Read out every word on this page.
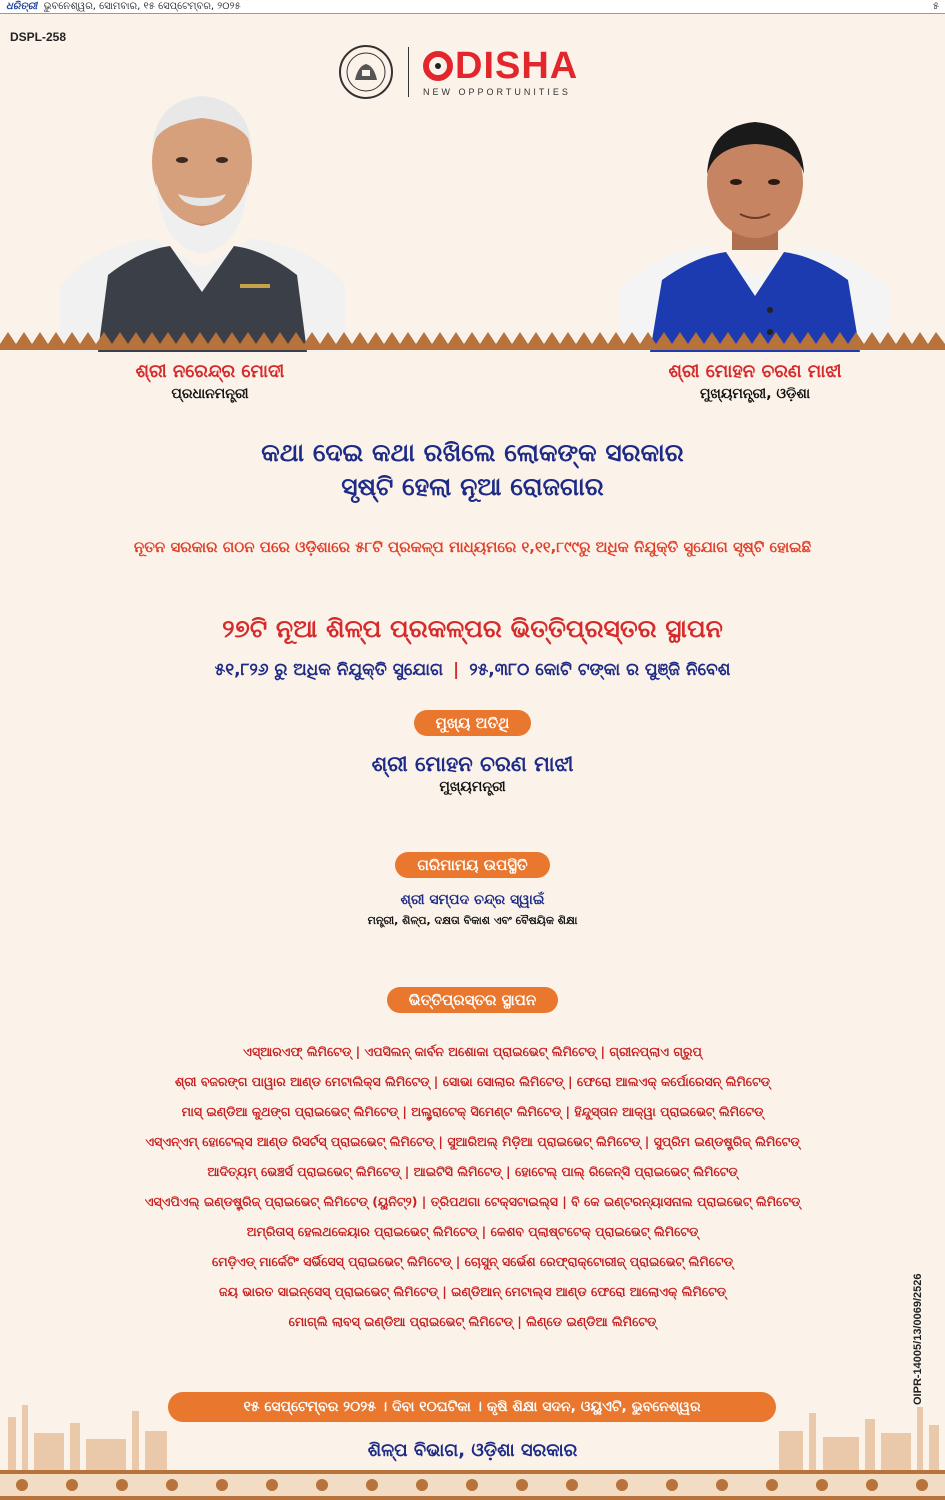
ଧରିତ୍ରୀ ଭୁବନେଶ୍ୱର, ସୋମବାର, ୧୫ ସେପ୍ଟେମ୍ବର, ୨୦୨୫	୫
DSPL-258
DISHA
NEW OPPORTUNITIES
ଶ୍ରୀ ନରେନ୍ଦ୍ର ମୋଦୀ
ପ୍ରଧାନମନ୍ତ୍ରୀ
ଶ୍ରୀ ମୋହନ ଚରଣ ମାଝୀ
ମୁଖ୍ୟମନ୍ତ୍ରୀ, ଓଡ଼ିଶା
କଥା ଦେଇ କଥା ରଖିଲେ ଲୋକଙ୍କ ସରକାର
ସୃଷ୍ଟି ହେଲା ନୂଆ ରୋଜଗାର
ନୂତନ ସରକାର ଗଠନ ପରେ ଓଡ଼ିଶାରେ ୫୮ଟି ପ୍ରକଳ୍ପ ମାଧ୍ୟମରେ ୧,୧୧,୮୯୯ରୁ ଅଧିକ ନିଯୁକ୍ତି ସୁଯୋଗ ସୃଷ୍ଟି ହୋଇଛି
୨୭ଟି ନୂଆ ଶିଳ୍ପ ପ୍ରକଳ୍ପର ଭିତ୍ତିପ୍ରସ୍ତର ସ୍ଥାପନ
୫୧,୮୨୬ ରୁ ଅଧିକ ନିଯୁକ୍ତି ସୁଯୋଗ | ୨୫,୩୮୦ କୋଟି ଟଙ୍କା ର ପୁଞ୍ଜି ନିବେଶ
ମୁଖ୍ୟ ଅତିଥି
ଶ୍ରୀ ମୋହନ ଚରଣ ମାଝୀ
ମୁଖ୍ୟମନ୍ତ୍ରୀ
ଗରିମାମୟ ଉପସ୍ଥିତି
ଶ୍ରୀ ସମ୍ପଦ ଚନ୍ଦ୍ର ସ୍ୱାଇଁ
ମନ୍ତ୍ରୀ, ଶିଳ୍ପ, ଦକ୍ଷତା ବିକାଶ ଏବଂ ବୈଷୟିକ ଶିକ୍ଷା
ଭିତ୍ତିପ୍ରସ୍ତର ସ୍ଥାପନ
ଏସ୍ଆରଏଫ୍ ଲିମିଟେଡ୍ | ଏପସିଲନ୍ କାର୍ବନ ଅଶୋକା ପ୍ରାଇଭେଟ୍ ଲିମିଟେଡ୍ | ଗ୍ରୀନପ୍ଲାଏ ଗ୍ରୁପ୍
ଶ୍ରୀ ବଜରଙ୍ଗ ପାୱାର ଆଣ୍ଡ ମେଟାଲିକ୍ସ ଲିମିଟେଡ୍ | ସୋଭା ସୋଲାର ଲିମିଟେଡ୍ | ଫେରୋ ଆଲଏକ୍ କର୍ପୋରେସନ୍ ଲିମିଟେଡ୍
ମାସ୍ ଇଣ୍ଡିଆ କୁଥଙ୍ଗ ପ୍ରାଇଭେଟ୍ ଲିମିଟେଡ୍ | ଅଲ୍ଟ୍ରାଟେକ୍ ସିମେଣ୍ଟ ଲିମିଟେଡ୍ | ହିନ୍ଦୁସ୍ତାନ ଆକ୍ୱା ପ୍ରାଇଭେଟ୍ ଲିମିଟେଡ୍
ଏସ୍ଏନ୍ଏମ୍ ହୋଟେଲ୍ସ ଆଣ୍ଡ ରିସର୍ଟସ୍ ପ୍ରାଇଭେଟ୍ ଲିମିଟେଡ୍ | ସୁଆରିଅଲ୍ ମିଡ଼ିଆ ପ୍ରାଇଭେଟ୍ ଲିମିଟେଡ୍ | ସୁପ୍ରିମ ଇଣ୍ଡଷ୍ଟ୍ରିଜ୍ ଲିମିଟେଡ୍
ଆଦିତ୍ୟମ୍ ଭେଞ୍ଚର୍ସ ପ୍ରାଇଭେଟ୍ ଲିମିଟେଡ୍ | ଆଇଟିସି ଲିମିଟେଡ୍ | ହୋଟେଲ୍ ପାଲ୍ ରିଜେନ୍ସି ପ୍ରାଇଭେଟ୍ ଲିମିଟେଡ୍
ଏସ୍ଏପିଏଲ୍ ଇଣ୍ଡଷ୍ଟ୍ରିଜ୍ ପ୍ରାଇଭେଟ୍ ଲିମିଟେଡ୍ (ୟୁନିଟ୍୨) | ତ୍ରିପଥଗା ଟେକ୍ସଟାଇଲ୍ସ | ବି କେ ଇଣ୍ଟରନ୍ୟାସନାଲ ପ୍ରାଇଭେଟ୍ ଲିମିଟେଡ୍
ଅମ୍ରିତାସ୍ ହେଲଥକେୟାର ପ୍ରାଇଭେଟ୍ ଲିମିଟେଡ୍ | କେଶବ ପ୍ଲାଷ୍ଟଟେକ୍ ପ୍ରାଇଭେଟ୍ ଲିମିଟେଡ୍
ମେଡ଼ିଏଡ୍ ମାର୍କେଟିଂ ସର୍ଭିସେସ୍ ପ୍ରାଇଭେଟ୍ ଲିମିଟେଡ୍ | ଚୋସୁନ୍ ସର୍ଭେଶ ରେଫ୍ରାକ୍ଟୋରୀଜ୍ ପ୍ରାଇଭେଟ୍ ଲିମିଟେଡ୍
ଜୟ ଭାରତ ସାଇନ୍ସେସ୍ ପ୍ରାଇଭେଟ୍ ଲିମିଟେଡ୍ | ଇଣ୍ଡିଆନ୍ ମେଟାଲ୍ସ ଆଣ୍ଡ ଫେରୋ ଆଲୋଏକ୍ ଲିମିଟେଡ୍
ମୋଗ୍ଲି ଲାବସ୍ ଇଣ୍ଡିଆ ପ୍ରାଇଭେଟ୍ ଲିମିଟେଡ୍ | ଲିଣ୍ଡେ ଇଣ୍ଡିଆ ଲିମିଟେଡ୍
୧୫ ସେପ୍ଟେମ୍ବର ୨୦୨୫ । ଦିବା ୧୦ଘଟିକା । କୃଷି ଶିକ୍ଷା ସଦନ, ଓୟୁଏଟି, ଭୁବନେଶ୍ୱର
ଶିଳ୍ପ ବିଭାଗ, ଓଡ଼ିଶା ସରକାର
OIPR-14005/13/0069/2526
